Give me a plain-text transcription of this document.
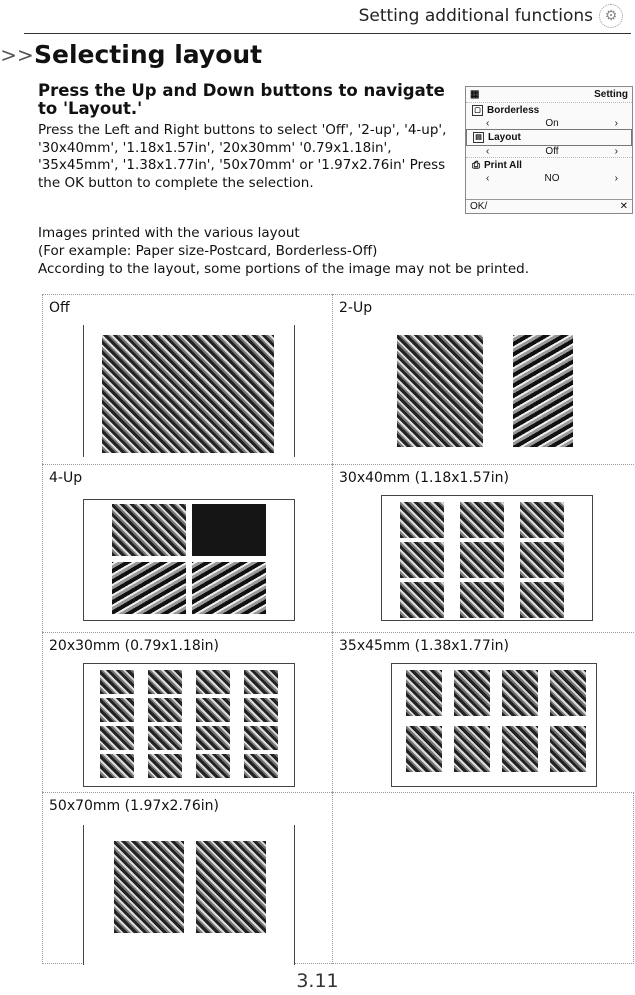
Setting additional functions ⚙
>> Selecting layout
Press the Up and Down buttons to navigate to 'Layout.'

Press the Left and Right buttons to select 'Off', '2-up', '4-up', '30x40mm', '1.18x1.57in', '20x30mm' '0.79x1.18in', '35x45mm', '1.38x1.77in', '50x70mm' or '1.97x2.76in' Press the OK button to complete the selection.

▦	Setting
▢ Borderless
‹	On	›
▤ Layout
‹	Off	›
⎙ Print All
‹	NO	›
OK/	✕

Images printed with the various layout

(For example: Paper size-Postcard, Borderless-Off)

According to the layout, some portions of the image may not be printed.

Off	2-Up
4-Up	30x40mm (1.18x1.57in)
20x30mm (0.79x1.18in)	35x45mm (1.38x1.77in)
50x70mm (1.97x2.76in)
3.11
